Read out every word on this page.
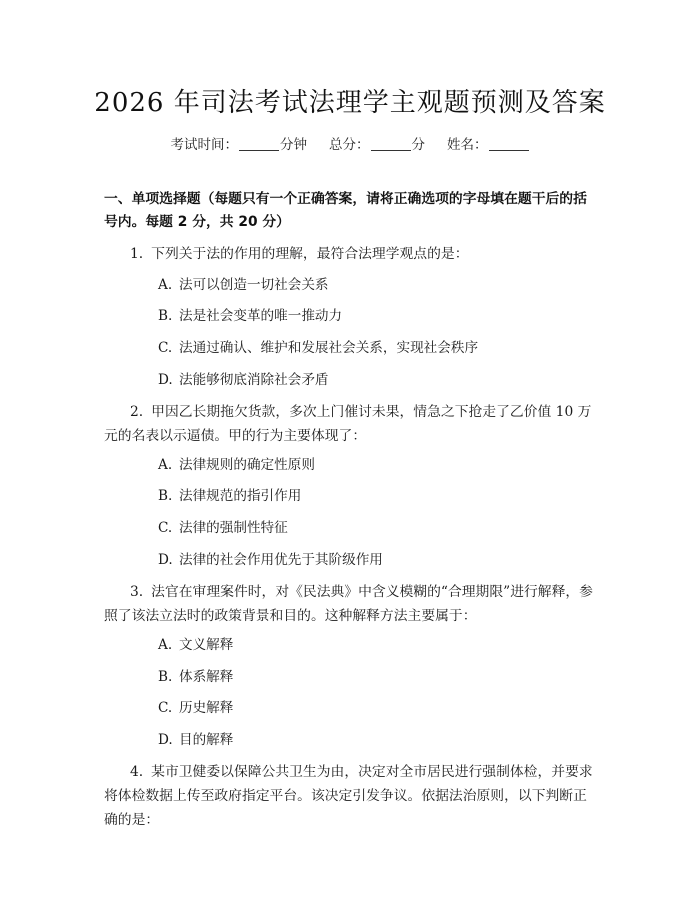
2026 年司法考试法理学主观题预测及答案
考试时间：	分钟 总分：	分 姓名：
一、单项选择题（每题只有一个正确答案，请将正确选项的字母填在题干后的括号内。每题 2 分，共 20 分）
1. 下列关于法的作用的理解，最符合法理学观点的是：
A. 法可以创造一切社会关系
B. 法是社会变革的唯一推动力
C. 法通过确认、维护和发展社会关系，实现社会秩序
D. 法能够彻底消除社会矛盾
2. 甲因乙长期拖欠货款，多次上门催讨未果，情急之下抢走了乙价值 10 万元的名表以示逼债。甲的行为主要体现了：
A. 法律规则的确定性原则
B. 法律规范的指引作用
C. 法律的强制性特征
D. 法律的社会作用优先于其阶级作用
3. 法官在审理案件时，对《民法典》中含义模糊的“合理期限”进行解释，参照了该法立法时的政策背景和目的。这种解释方法主要属于：
A. 文义解释
B. 体系解释
C. 历史解释
D. 目的解释
4. 某市卫健委以保障公共卫生为由，决定对全市居民进行强制体检，并要求将体检数据上传至政府指定平台。该决定引发争议。依据法治原则，以下判断正确的是：
